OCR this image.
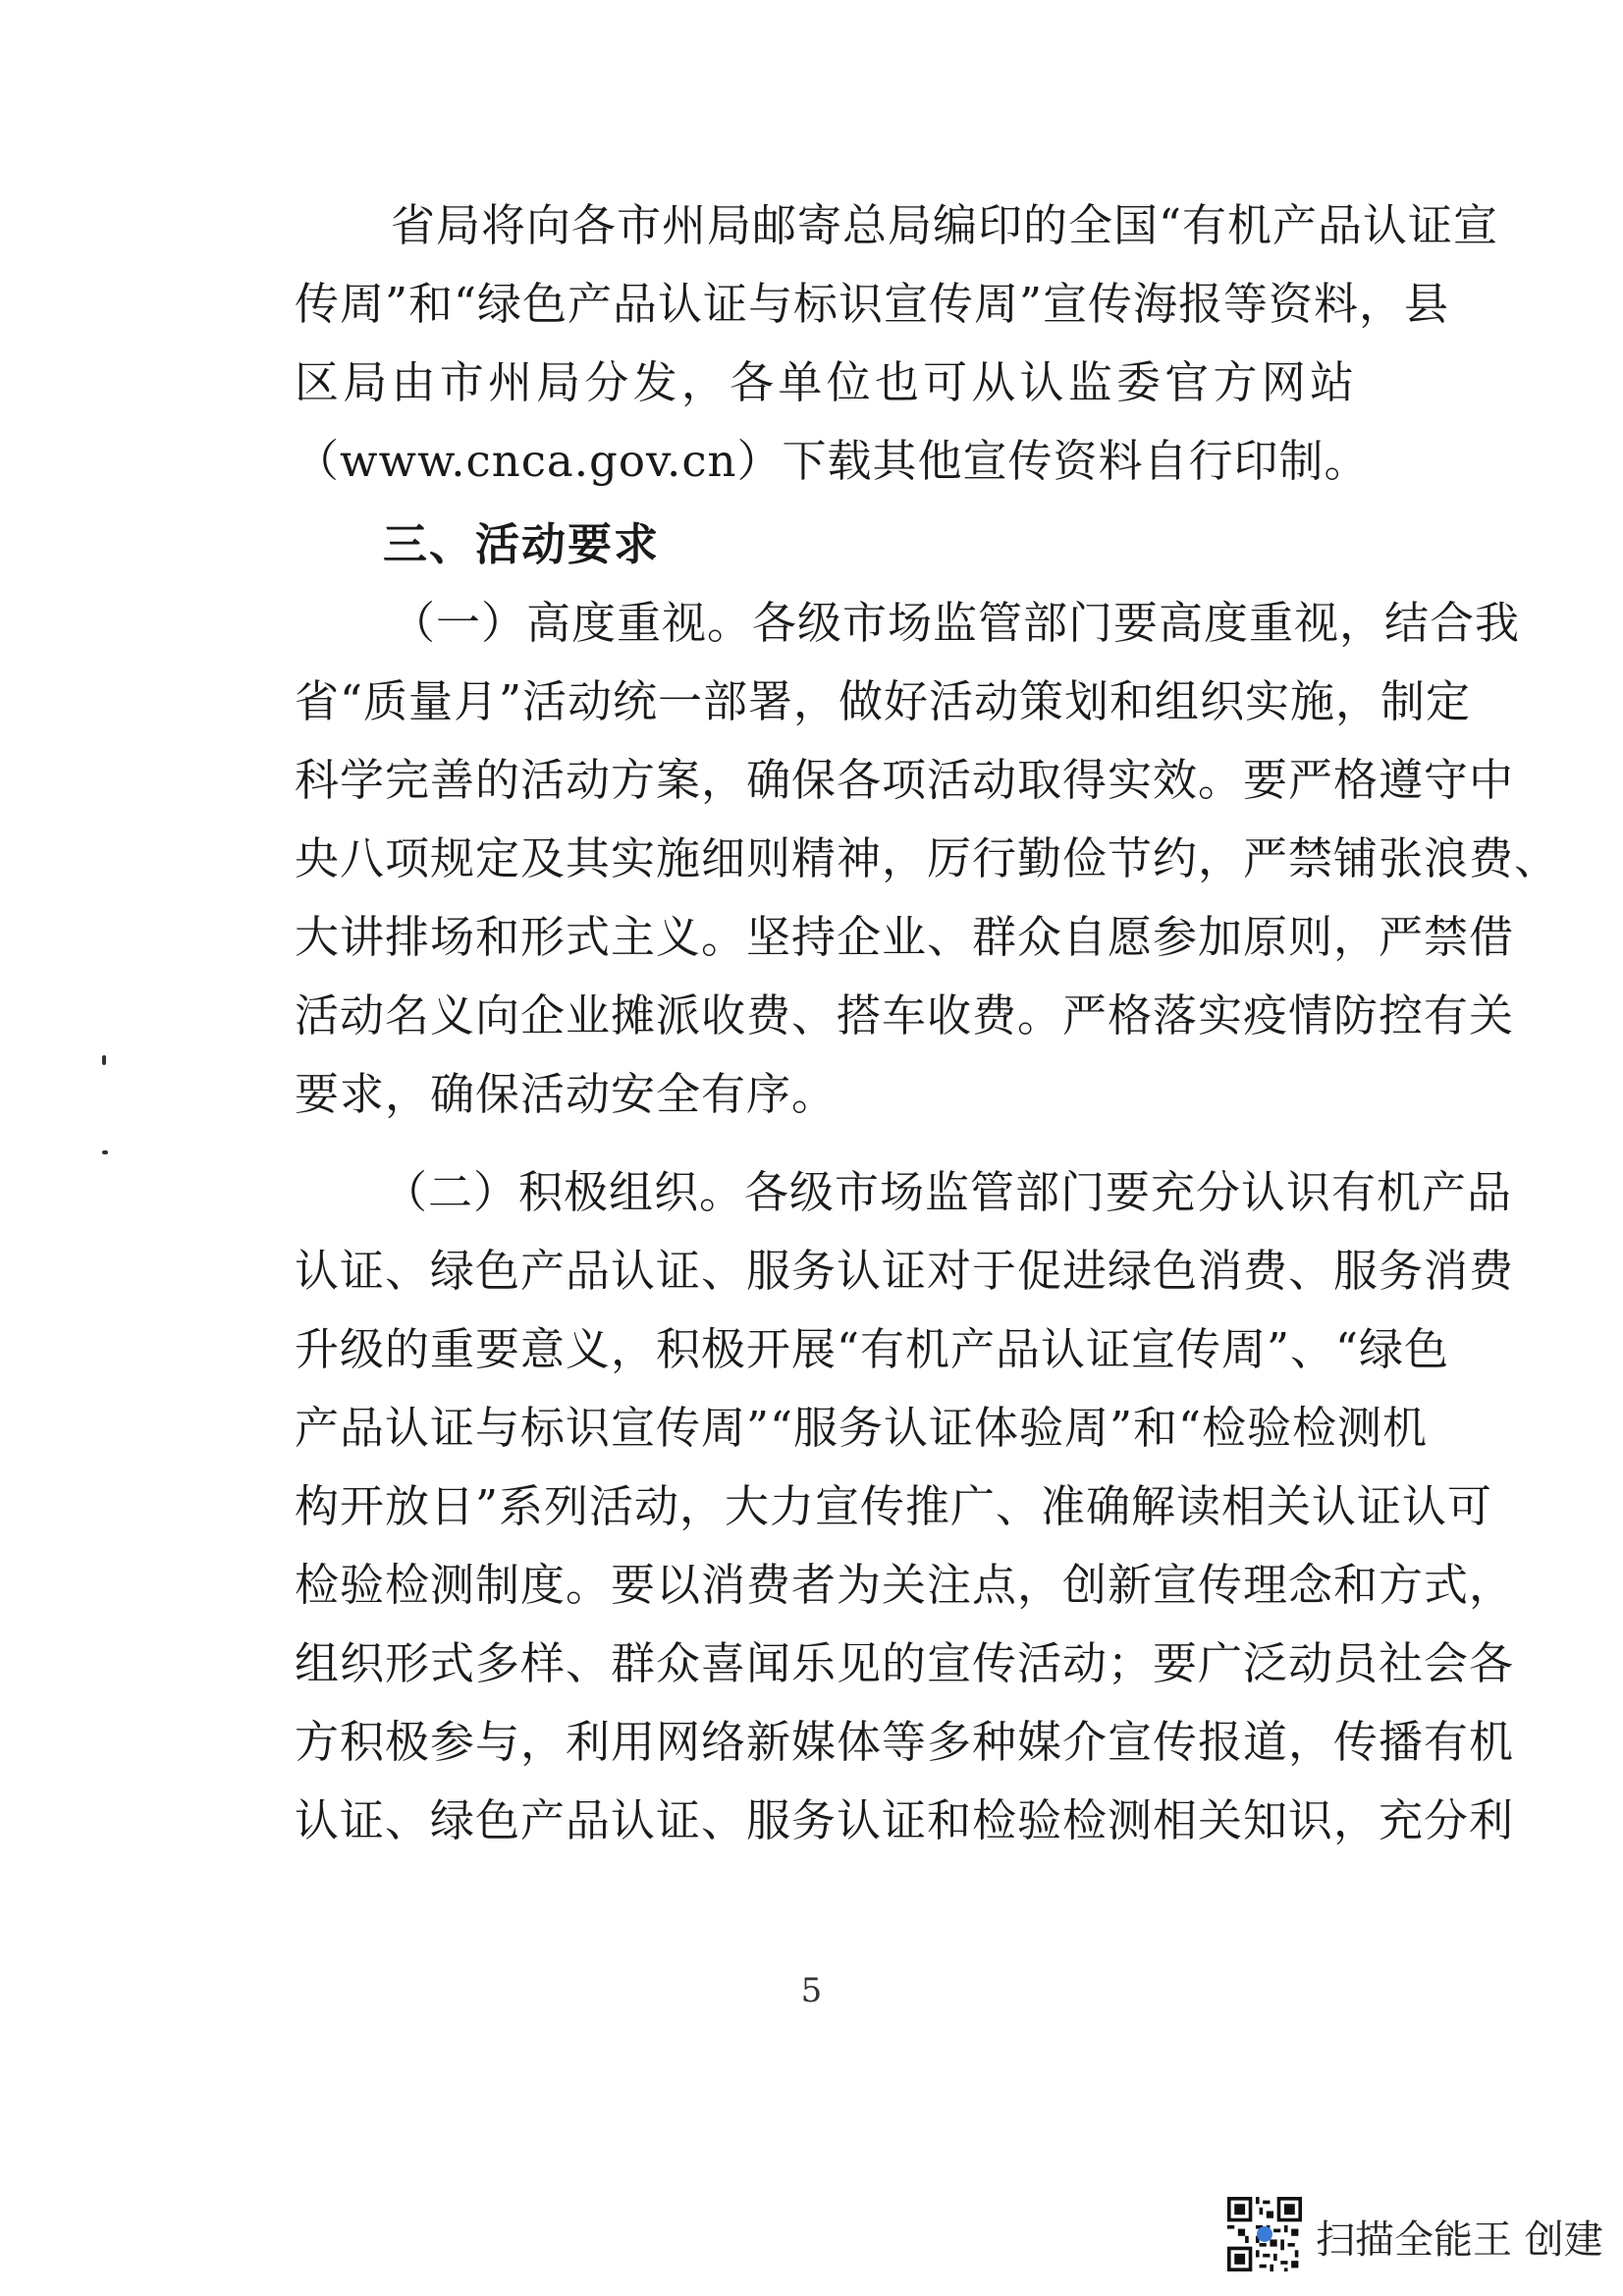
省局将向各市州局邮寄总局编印的全国“有机产品认证宣
传周”和“绿色产品认证与标识宣传周”宣传海报等资料，县
区局由市州局分发，各单位也可从认监委官方网站
（www.cnca.gov.cn）下载其他宣传资料自行印制。
三、活动要求
（一）高度重视。各级市场监管部门要高度重视，结合我
省“质量月”活动统一部署，做好活动策划和组织实施，制定
科学完善的活动方案，确保各项活动取得实效。要严格遵守中
央八项规定及其实施细则精神，厉行勤俭节约，严禁铺张浪费、
大讲排场和形式主义。坚持企业、群众自愿参加原则，严禁借
活动名义向企业摊派收费、搭车收费。严格落实疫情防控有关
要求，确保活动安全有序。
（二）积极组织。各级市场监管部门要充分认识有机产品
认证、绿色产品认证、服务认证对于促进绿色消费、服务消费
升级的重要意义，积极开展“有机产品认证宣传周”、“绿色
产品认证与标识宣传周”“服务认证体验周”和“检验检测机
构开放日”系列活动，大力宣传推广、准确解读相关认证认可
检验检测制度。要以消费者为关注点，创新宣传理念和方式，
组织形式多样、群众喜闻乐见的宣传活动；要广泛动员社会各
方积极参与，利用网络新媒体等多种媒介宣传报道，传播有机
认证、绿色产品认证、服务认证和检验检测相关知识，充分利
5
扫描全能王 创建
